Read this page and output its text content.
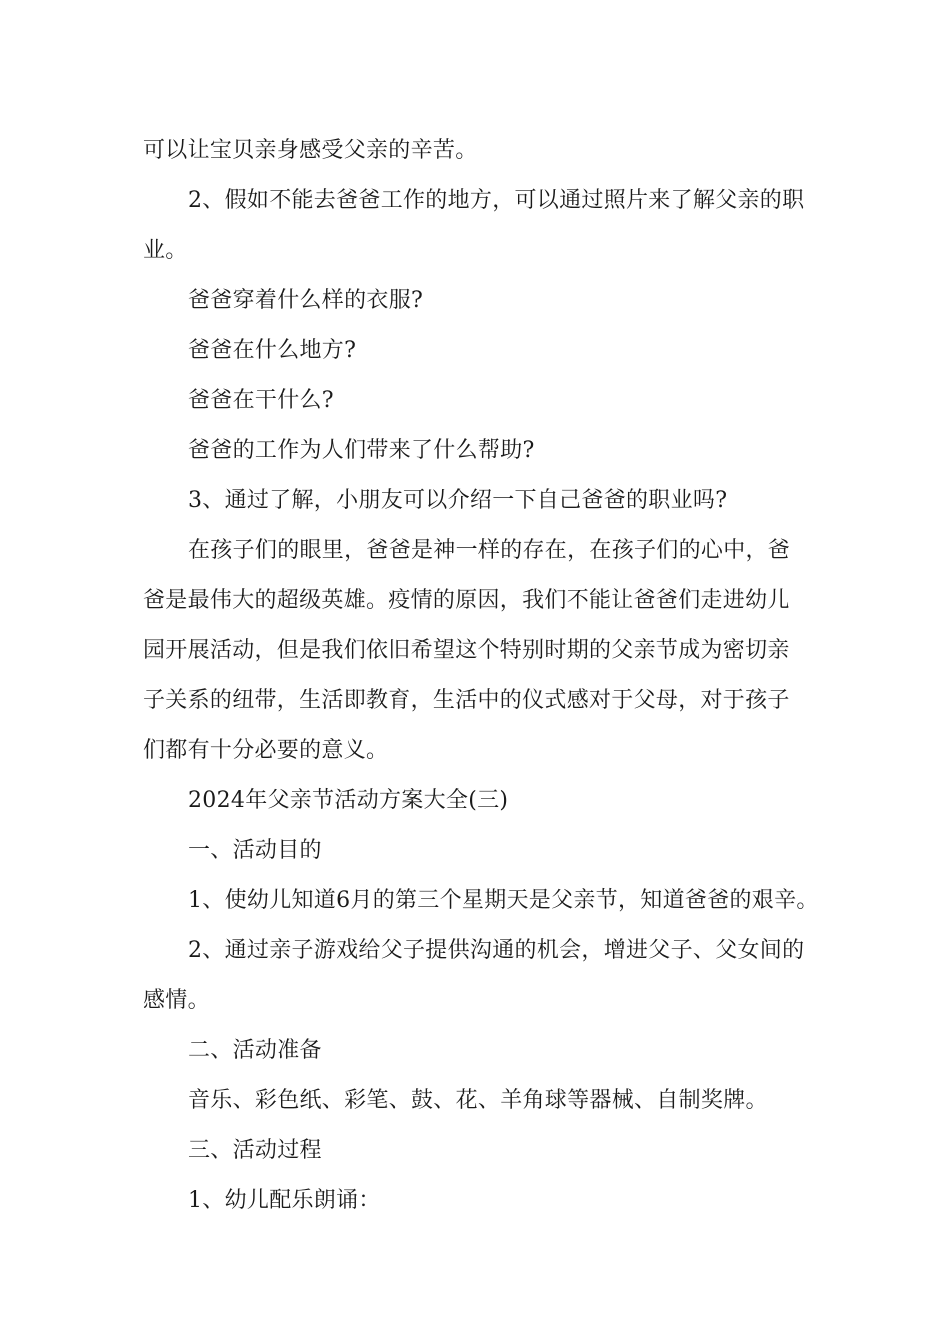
可以让宝贝亲身感受父亲的辛苦。
2、假如不能去爸爸工作的地方，可以通过照片来了解父亲的职
业。
爸爸穿着什么样的衣服?
爸爸在什么地方?
爸爸在干什么?
爸爸的工作为人们带来了什么帮助?
3、通过了解，小朋友可以介绍一下自己爸爸的职业吗?
在孩子们的眼里，爸爸是神一样的存在，在孩子们的心中，爸
爸是最伟大的超级英雄。疫情的原因，我们不能让爸爸们走进幼儿
园开展活动，但是我们依旧希望这个特别时期的父亲节成为密切亲
子关系的纽带，生活即教育，生活中的仪式感对于父母，对于孩子
们都有十分必要的意义。
2024年父亲节活动方案大全(三)
一、活动目的
1、使幼儿知道6月的第三个星期天是父亲节，知道爸爸的艰辛。
2、通过亲子游戏给父子提供沟通的机会，增进父子、父女间的
感情。
二、活动准备
音乐、彩色纸、彩笔、鼓、花、羊角球等器械、自制奖牌。
三、活动过程
1、幼儿配乐朗诵：
